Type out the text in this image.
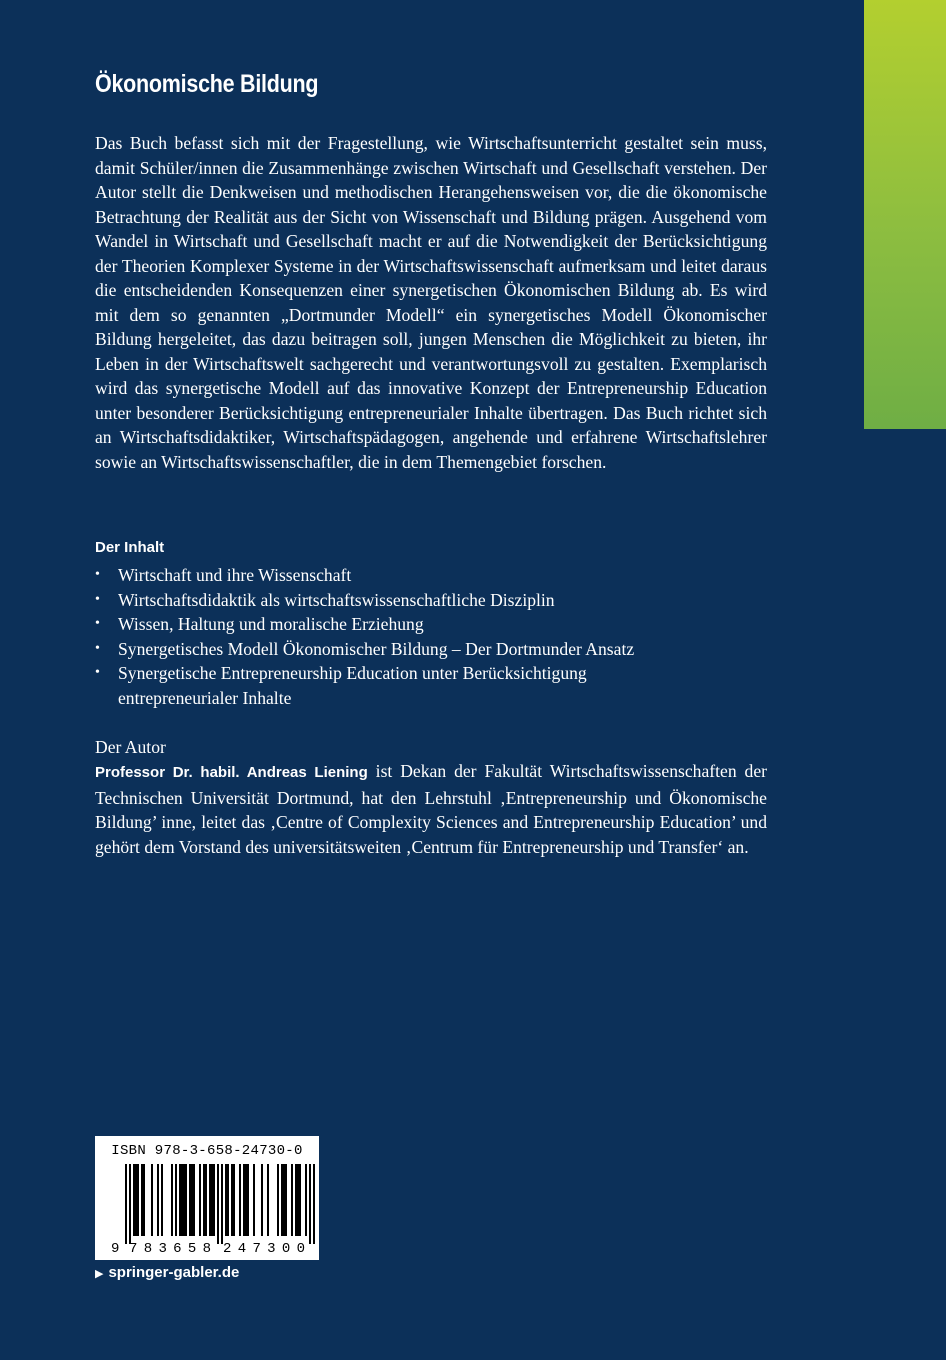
Ökonomische Bildung

Das Buch befasst sich mit der Fragestellung, wie Wirtschaftsunterricht gestaltet sein muss, damit Schüler/innen die Zusammenhänge zwischen Wirtschaft und Gesellschaft verstehen. Der Autor stellt die Denkweisen und methodischen Herangehensweisen vor, die die ökonomische Betrachtung der Realität aus der Sicht von Wissenschaft und Bildung prägen. Ausgehend vom Wandel in Wirtschaft und Gesellschaft macht er auf die Notwendigkeit der Berücksichtigung der Theorien Komplexer Systeme in der Wirtschaftswissenschaft aufmerksam und leitet daraus die entscheidenden Konsequenzen einer synergetischen Ökonomischen Bildung ab. Es wird mit dem so genannten „Dortmunder Modell“ ein synergetisches Modell Ökonomischer Bildung hergeleitet, das dazu beitragen soll, jungen Menschen die Möglichkeit zu bieten, ihr Leben in der Wirtschaftswelt sachgerecht und verantwortungsvoll zu gestalten. Exemplarisch wird das synergetische Modell auf das innovative Konzept der Entrepreneurship Education unter besonderer Berücksichtigung entrepreneurialer Inhalte übertragen. Das Buch richtet sich an Wirtschaftsdidaktiker, Wirtschaftspädagogen, angehende und erfahrene Wirtschaftslehrer sowie an Wirtschaftswissenschaftler, die in dem Themengebiet forschen.

Der Inhalt
• Wirtschaft und ihre Wissenschaft
• Wirtschaftsdidaktik als wirtschaftswissenschaftliche Disziplin
• Wissen, Haltung und moralische Erziehung
• Synergetisches Modell Ökonomischer Bildung – Der Dortmunder Ansatz
• Synergetische Entrepreneurship Education unter Berücksichtigung entrepreneurialer Inhalte
Der Autor

Professor Dr. habil. Andreas Liening ist Dekan der Fakultät Wirtschaftswissenschaften der Technischen Universität Dortmund, hat den Lehrstuhl ‚Entrepreneurship und Ökonomische Bildung’ inne, leitet das ‚Centre of Complexity Sciences and Entrepreneurship Education’ und gehört dem Vorstand des universitätsweiten ‚Centrum für Entrepreneurship und Transfer‘ an.

ISBN 978-3-658-24730-0
9 783658 247300
▶ springer-gabler.de
